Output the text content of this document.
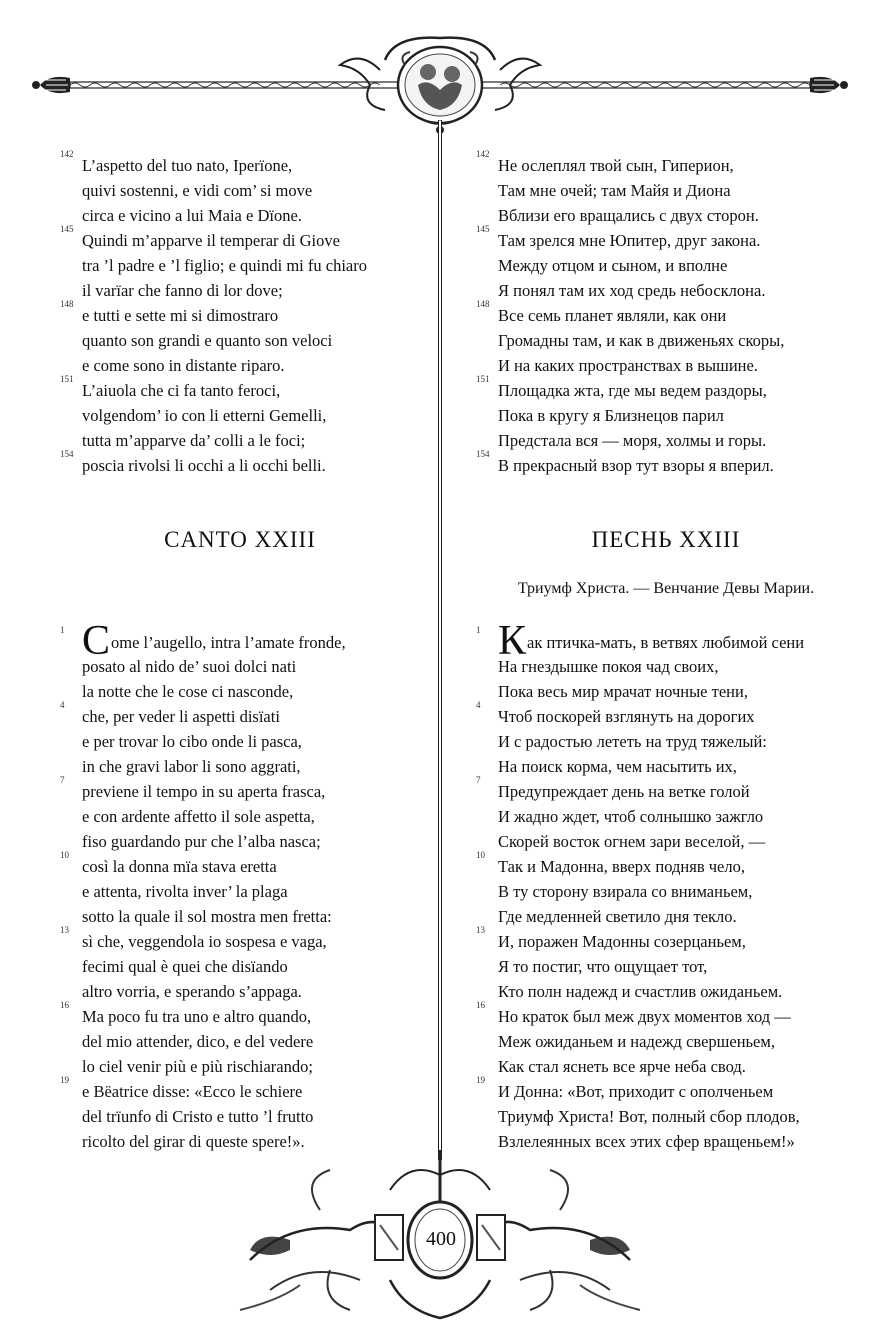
142
L’aspetto del tuo nato, Iperïone,
quivi sostenni, e vidi com’ si move
circa e vicino a lui Maia e Dïone.
145
Quindi m’apparve il temperar di Giove
tra ’l padre e ’l figlio; e quindi mi fu chiaro
il varïar che fanno di lor dove;
148
e tutti e sette mi si dimostraro
quanto son grandi e quanto son veloci
e come sono in distante riparo.
151
L’aiuola che ci fa tanto feroci,
volgendom’ io con li etterni Gemelli,
tutta m’apparve da’ colli a le foci;
154
poscia rivolsi li occhi a li occhi belli.
CANTO XXIII
1 Come l’augello, intra l’amate fronde,
posato al nido de’ suoi dolci nati
la notte che le cose ci nasconde,
4
che, per veder li aspetti disïati
e per trovar lo cibo onde li pasca,
in che gravi labor li sono aggrati,
7
previene il tempo in su aperta frasca,
e con ardente affetto il sole aspetta,
fiso guardando pur che l’alba nasca;
10
così la donna mïa stava eretta
e attenta, rivolta inver’ la plaga
sotto la quale il sol mostra men fretta:
13
sì che, veggendola io sospesa e vaga,
fecimi qual è quei che disïando
altro vorria, e sperando s’appaga.
16
Ma poco fu tra uno e altro quando,
del mio attender, dico, e del vedere
lo ciel venir più e più rischiarando;
19
e Bëatrice disse: «Ecco le schiere
del trïunfo di Cristo e tutto ’l frutto
ricolto del girar di queste spere!».
142
Не ослеплял твой сын, Гиперион,
Там мне очей; там Майя и Диона
Вблизи его вращались с двух сторон.
145
Там зрелся мне Юпитер, друг закона.
Между отцом и сыном, и вполне
Я понял там их ход средь небосклона.
148
Все семь планет являли, как они
Громадны там, и как в движеньях скоры,
И на каких пространствах в вышине.
151
Площадка жта, где мы ведем раздоры,
Пока в кругу я Близнецов парил
Предстала вся — моря, холмы и горы.
154
В прекрасный взор тут взоры я вперил.
ПЕСНЬ XXIII
Триумф Христа. — Венчание Девы Марии.
1 Как птичка-мать, в ветвях любимой сени
На гнездышке покоя чад своих,
Пока весь мир мрачат ночные тени,
4
Чтоб поскорей взглянуть на дорогих
И с радостью лететь на труд тяжелый:
На поиск корма, чем насытить их,
7
Предупреждает день на ветке голой
И жадно ждет, чтоб солнышко зажгло
Скорей восток огнем зари веселой, —
10
Так и Мадонна, вверх подняв чело,
В ту сторону взирала со вниманьем,
Где медленней светило дня текло.
13
И, поражен Мадонны созерцаньем,
Я то постиг, что ощущает тот,
Кто полн надежд и счастлив ожиданьем.
16
Но краток был меж двух моментов ход —
Меж ожиданьем и надежд свершеньем,
Как стал яснеть все ярче неба свод.
19
И Донна: «Вот, приходит с ополченьем
Триумф Христа! Вот, полный сбор плодов,
Взлелеянных всех этих сфер вращеньем!»
400
